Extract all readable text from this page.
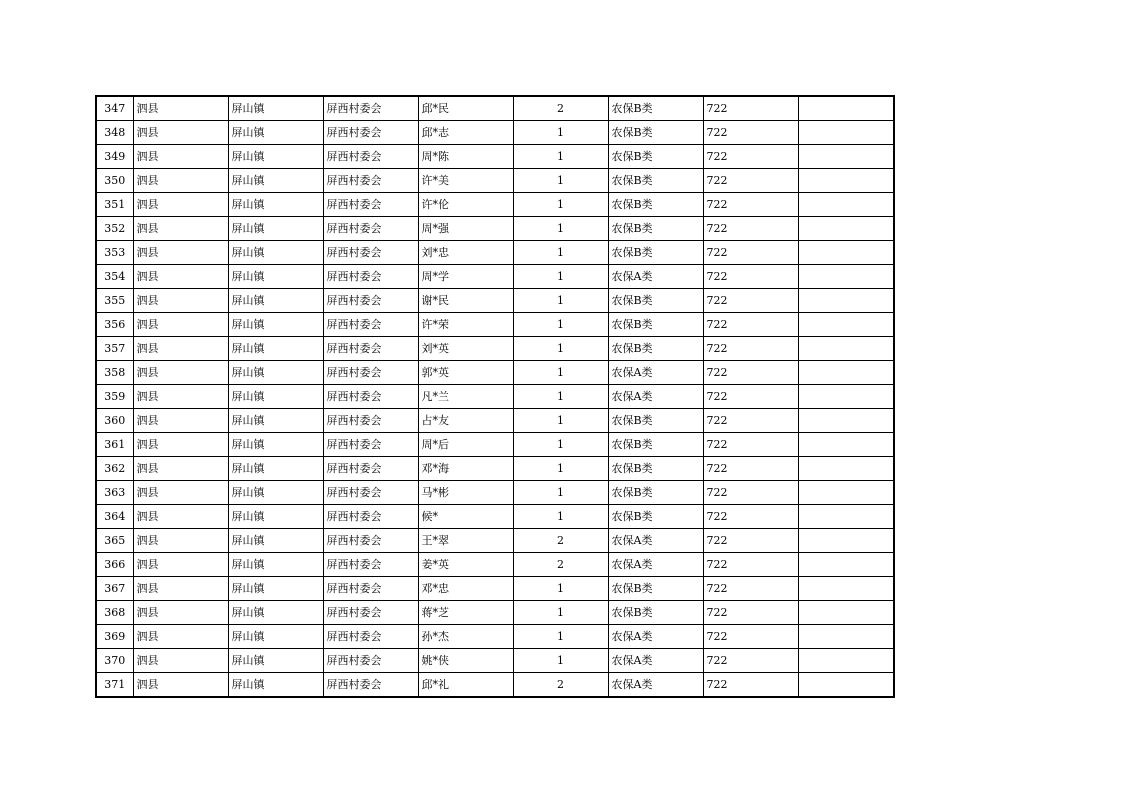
347	泗县	屏山镇	屏西村委会	邱*民	2	农保B类	722	
348	泗县	屏山镇	屏西村委会	邱*志	1	农保B类	722	
349	泗县	屏山镇	屏西村委会	周*陈	1	农保B类	722	
350	泗县	屏山镇	屏西村委会	许*美	1	农保B类	722	
351	泗县	屏山镇	屏西村委会	许*伦	1	农保B类	722	
352	泗县	屏山镇	屏西村委会	周*强	1	农保B类	722	
353	泗县	屏山镇	屏西村委会	刘*忠	1	农保B类	722	
354	泗县	屏山镇	屏西村委会	周*学	1	农保A类	722	
355	泗县	屏山镇	屏西村委会	谢*民	1	农保B类	722	
356	泗县	屏山镇	屏西村委会	许*荣	1	农保B类	722	
357	泗县	屏山镇	屏西村委会	刘*英	1	农保B类	722	
358	泗县	屏山镇	屏西村委会	郭*英	1	农保A类	722	
359	泗县	屏山镇	屏西村委会	凡*兰	1	农保A类	722	
360	泗县	屏山镇	屏西村委会	占*友	1	农保B类	722	
361	泗县	屏山镇	屏西村委会	周*后	1	农保B类	722	
362	泗县	屏山镇	屏西村委会	邓*海	1	农保B类	722	
363	泗县	屏山镇	屏西村委会	马*彬	1	农保B类	722	
364	泗县	屏山镇	屏西村委会	候*	1	农保B类	722	
365	泗县	屏山镇	屏西村委会	王*翠	2	农保A类	722	
366	泗县	屏山镇	屏西村委会	姜*英	2	农保A类	722	
367	泗县	屏山镇	屏西村委会	邓*忠	1	农保B类	722	
368	泗县	屏山镇	屏西村委会	蒋*芝	1	农保B类	722	
369	泗县	屏山镇	屏西村委会	孙*杰	1	农保A类	722	
370	泗县	屏山镇	屏西村委会	姚*侠	1	农保A类	722	
371	泗县	屏山镇	屏西村委会	邱*礼	2	农保A类	722	
